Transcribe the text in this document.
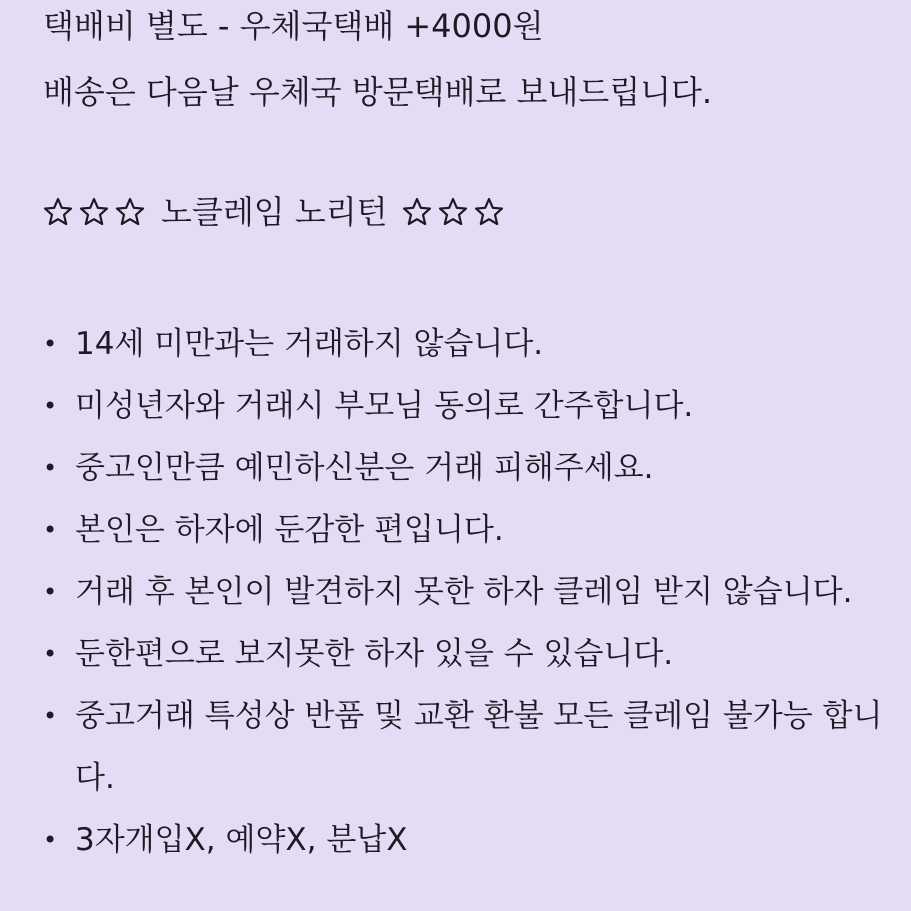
택배비 별도 - 우체국택배 +4000원
배송은 다음날 우체국 방문택배로 보내드립니다.
노클레임 노리턴
• 14세 미만과는 거래하지 않습니다.
• 미성년자와 거래시 부모님 동의로 간주합니다.
• 중고인만큼 예민하신분은 거래 피해주세요.
• 본인은 하자에 둔감한 편입니다.
• 거래 후 본인이 발견하지 못한 하자 클레임 받지 않습니다.
• 둔한편으로 보지못한 하자 있을 수 있습니다.
• 중고거래 특성상 반품 및 교환 환불 모든 클레임 불가능 합니다.
• 3자개입X, 예약X, 분납X
